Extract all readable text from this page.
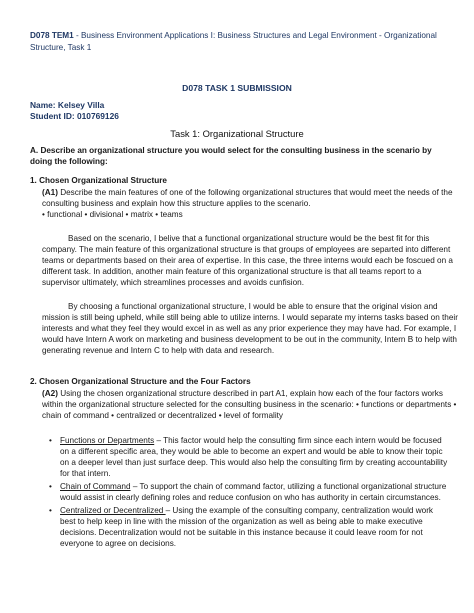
D078 TEM1 - Business Environment Applications I: Business Structures and Legal Environment - Organizational Structure, Task 1
D078 TASK 1 SUBMISSION
Name: Kelsey Villa
Student ID: 010769126
Task 1: Organizational Structure
A. Describe an organizational structure you would select for the consulting business in the scenario by doing the following:
1. Chosen Organizational Structure
(A1) Describe the main features of one of the following organizational structures that would meet the needs of the consulting business and explain how this structure applies to the scenario.
• functional • divisional • matrix • teams
Based on the scenario, I belive that a functional organizational structure would be the best fit for this company. The main feature of this organizational structure is that groups of employees are separted into different teams or departments based on their area of expertise. In this case, the three interns would each be foscued on a different task. In addition, another main feature of this organizational structure is that all teams report to a supervisor ultimately, which streamlines processes and avoids cunfision.
By choosing a functional organizational structure, I would be able to ensure that the original vision and mission is still being upheld, while still being able to utilize interns. I would separate my interns tasks based on their interests and what they feel they would excel in as well as any prior experience they may have had. For example, I would have Intern A work on marketing and business development to be out in the community, Intern B to help with generating revenue and Intern C to help with data and research.
2. Chosen Organizational Structure and the Four Factors
(A2) Using the chosen organizational structure described in part A1, explain how each of the four factors works within the organizational structure selected for the consulting business in the scenario: • functions or departments • chain of command • centralized or decentralized • level of formality
• Functions or Departments – This factor would help the consulting firm since each intern would be focused on a different specific area, they would be able to become an expert and would be able to know their topic on a deeper level than just surface deep. This would also help the consulting firm by creating accountability for that intern.
• Chain of Command – To support the chain of command factor, utilizing a functional organizational structure would assist in clearly defining roles and reduce confusion on who has authority in certain circumstances.
• Centralized or Decentralized – Using the example of the consulting company, centralization would work best to help keep in line with the mission of the organization as well as being able to make executive decisions. Decentralization would not be suitable in this instance because it could leave room for not everyone to agree on decisions.
